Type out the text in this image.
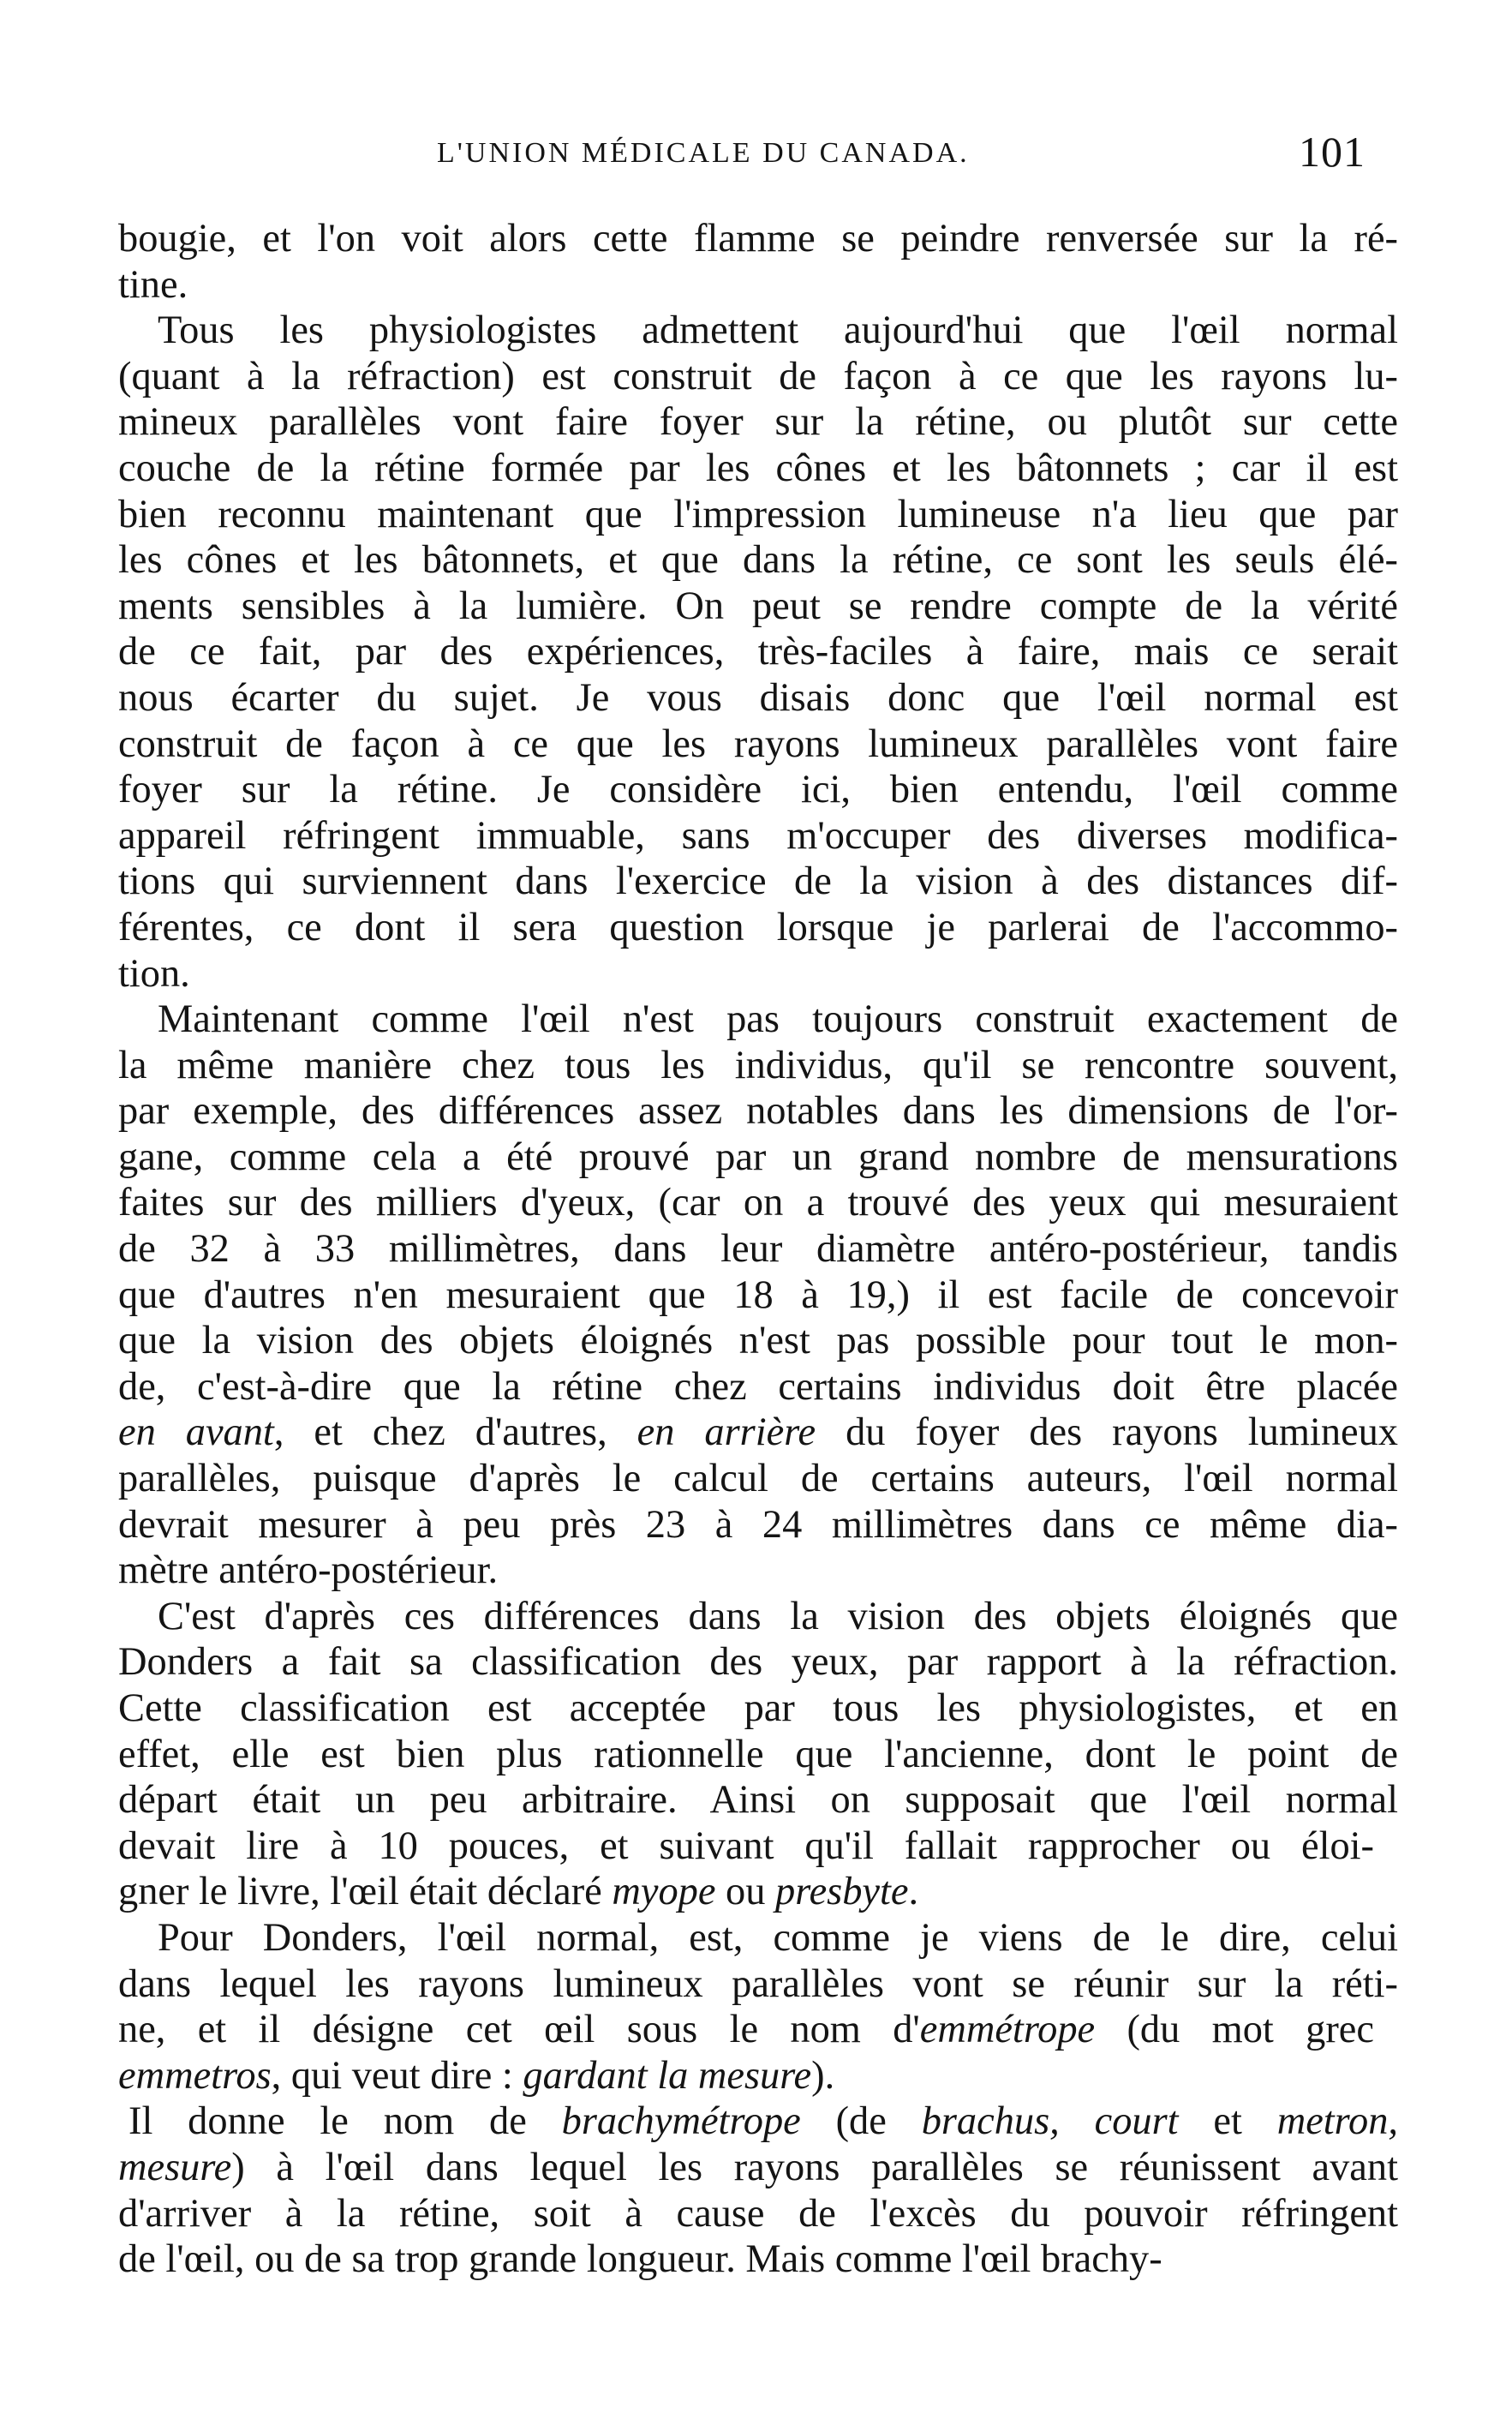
L'UNION MÉDICALE DU CANADA.	101
bougie, et l'on voit alors cette flamme se peindre renversée sur la ré-
tine.
Tous les physiologistes admettent aujourd'hui que l'œil normal
(quant à la réfraction) est construit de façon à ce que les rayons lu-
mineux parallèles vont faire foyer sur la rétine, ou plutôt sur cette
couche de la rétine formée par les cônes et les bâtonnets ; car il est
bien reconnu maintenant que l'impression lumineuse n'a lieu que par
les cônes et les bâtonnets, et que dans la rétine, ce sont les seuls élé-
ments sensibles à la lumière. On peut se rendre compte de la vérité
de ce fait, par des expériences, très-faciles à faire, mais ce serait
nous écarter du sujet. Je vous disais donc que l'œil normal est
construit de façon à ce que les rayons lumineux parallèles vont faire
foyer sur la rétine. Je considère ici, bien entendu, l'œil comme
appareil réfringent immuable, sans m'occuper des diverses modifica-
tions qui surviennent dans l'exercice de la vision à des distances dif-
férentes, ce dont il sera question lorsque je parlerai de l'accommo-
tion.
Maintenant comme l'œil n'est pas toujours construit exactement de
la même manière chez tous les individus, qu'il se rencontre souvent,
par exemple, des différences assez notables dans les dimensions de l'or-
gane, comme cela a été prouvé par un grand nombre de mensurations
faites sur des milliers d'yeux, (car on a trouvé des yeux qui mesuraient
de 32 à 33 millimètres, dans leur diamètre antéro-postérieur, tandis
que d'autres n'en mesuraient que 18 à 19,) il est facile de concevoir
que la vision des objets éloignés n'est pas possible pour tout le mon-
de, c'est-à-dire que la rétine chez certains individus doit être placée
en avant, et chez d'autres, en arrière du foyer des rayons lumineux
parallèles, puisque d'après le calcul de certains auteurs, l'œil normal
devrait mesurer à peu près 23 à 24 millimètres dans ce même dia-
mètre antéro-postérieur.
C'est d'après ces différences dans la vision des objets éloignés que
Donders a fait sa classification des yeux, par rapport à la réfraction.
Cette classification est acceptée par tous les physiologistes, et en
effet, elle est bien plus rationnelle que l'ancienne, dont le point de
départ était un peu arbitraire. Ainsi on supposait que l'œil normal
devait lire à 10 pouces, et suivant qu'il fallait rapprocher ou éloi-
gner le livre, l'œil était déclaré myope ou presbyte.
Pour Donders, l'œil normal, est, comme je viens de le dire, celui
dans lequel les rayons lumineux parallèles vont se réunir sur la réti-
ne, et il désigne cet œil sous le nom d'emmétrope (du mot grec
emmetros, qui veut dire : gardant la mesure).
Il donne le nom de brachymétrope (de brachus, court et metron,
mesure) à l'œil dans lequel les rayons parallèles se réunissent avant
d'arriver à la rétine, soit à cause de l'excès du pouvoir réfringent
de l'œil, ou de sa trop grande longueur. Mais comme l'œil brachy-
